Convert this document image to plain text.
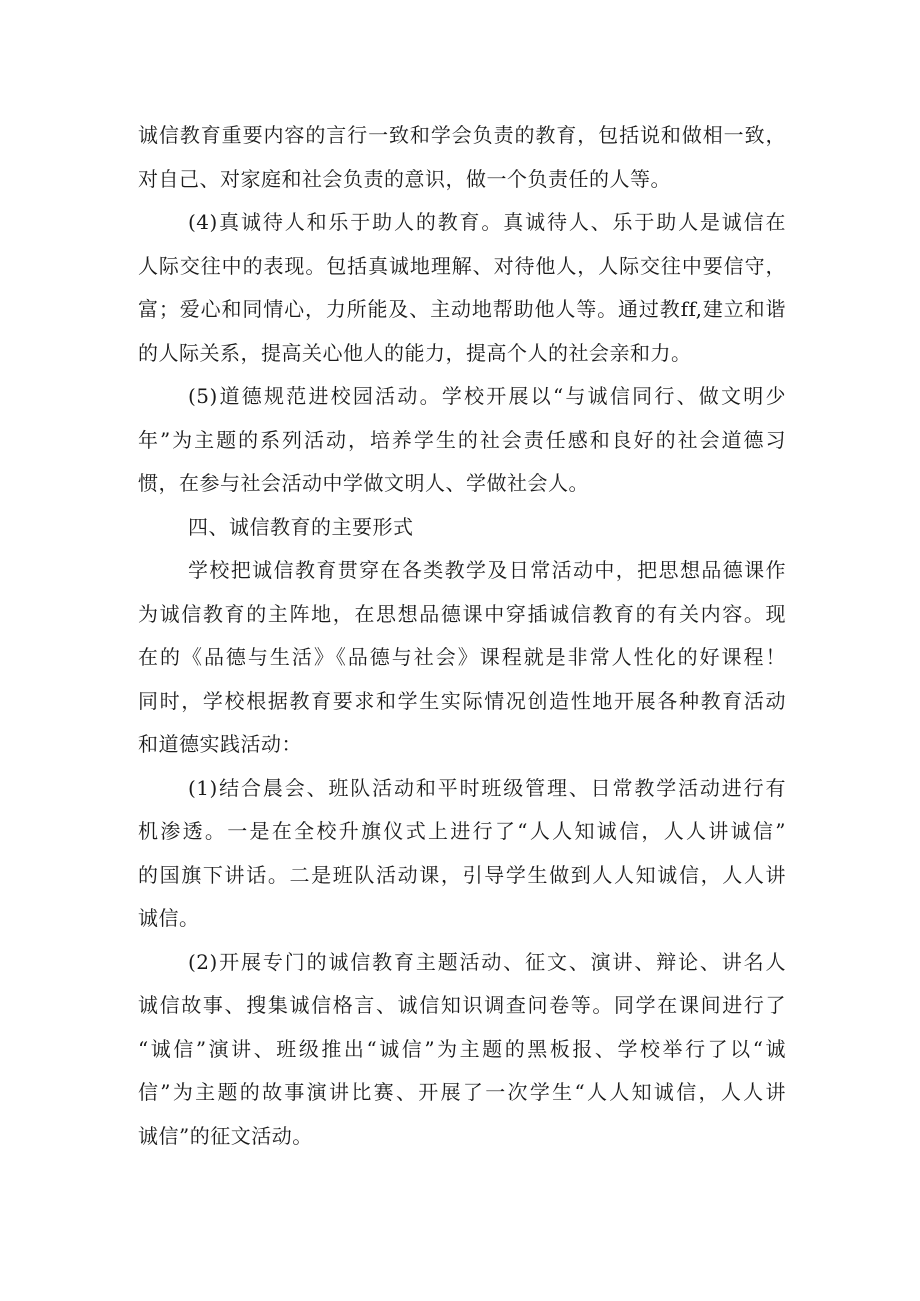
诚信教育重要内容的言行一致和学会负责的教育，包括说和做相一致，
对自己、对家庭和社会负责的意识，做一个负责任的人等。
(4)真诚待人和乐于助人的教育。真诚待人、乐于助人是诚信在
人际交往中的表现。包括真诚地理解、对待他人，人际交往中要信守，
富；爱心和同情心，力所能及、主动地帮助他人等。通过教ff,建立和谐
的人际关系，提高关心他人的能力，提高个人的社会亲和力。
(5)道德规范进校园活动。学校开展以“与诚信同行、做文明少
年”为主题的系列活动，培养学生的社会责任感和良好的社会道德习
惯，在参与社会活动中学做文明人、学做社会人。
四、诚信教育的主要形式
学校把诚信教育贯穿在各类教学及日常活动中，把思想品德课作
为诚信教育的主阵地，在思想品德课中穿插诚信教育的有关内容。现
在的《品德与生活》《品德与社会》课程就是非常人性化的好课程！
同时，学校根据教育要求和学生实际情况创造性地开展各种教育活动
和道德实践活动：
(1)结合晨会、班队活动和平时班级管理、日常教学活动进行有
机渗透。一是在全校升旗仪式上进行了“人人知诚信，人人讲诚信”
的国旗下讲话。二是班队活动课，引导学生做到人人知诚信，人人讲
诚信。
(2)开展专门的诚信教育主题活动、征文、演讲、辩论、讲名人
诚信故事、搜集诚信格言、诚信知识调查问卷等。同学在课间进行了
“诚信”演讲、班级推出“诚信”为主题的黑板报、学校举行了以“诚
信”为主题的故事演讲比赛、开展了一次学生“人人知诚信，人人讲
诚信”的征文活动。
